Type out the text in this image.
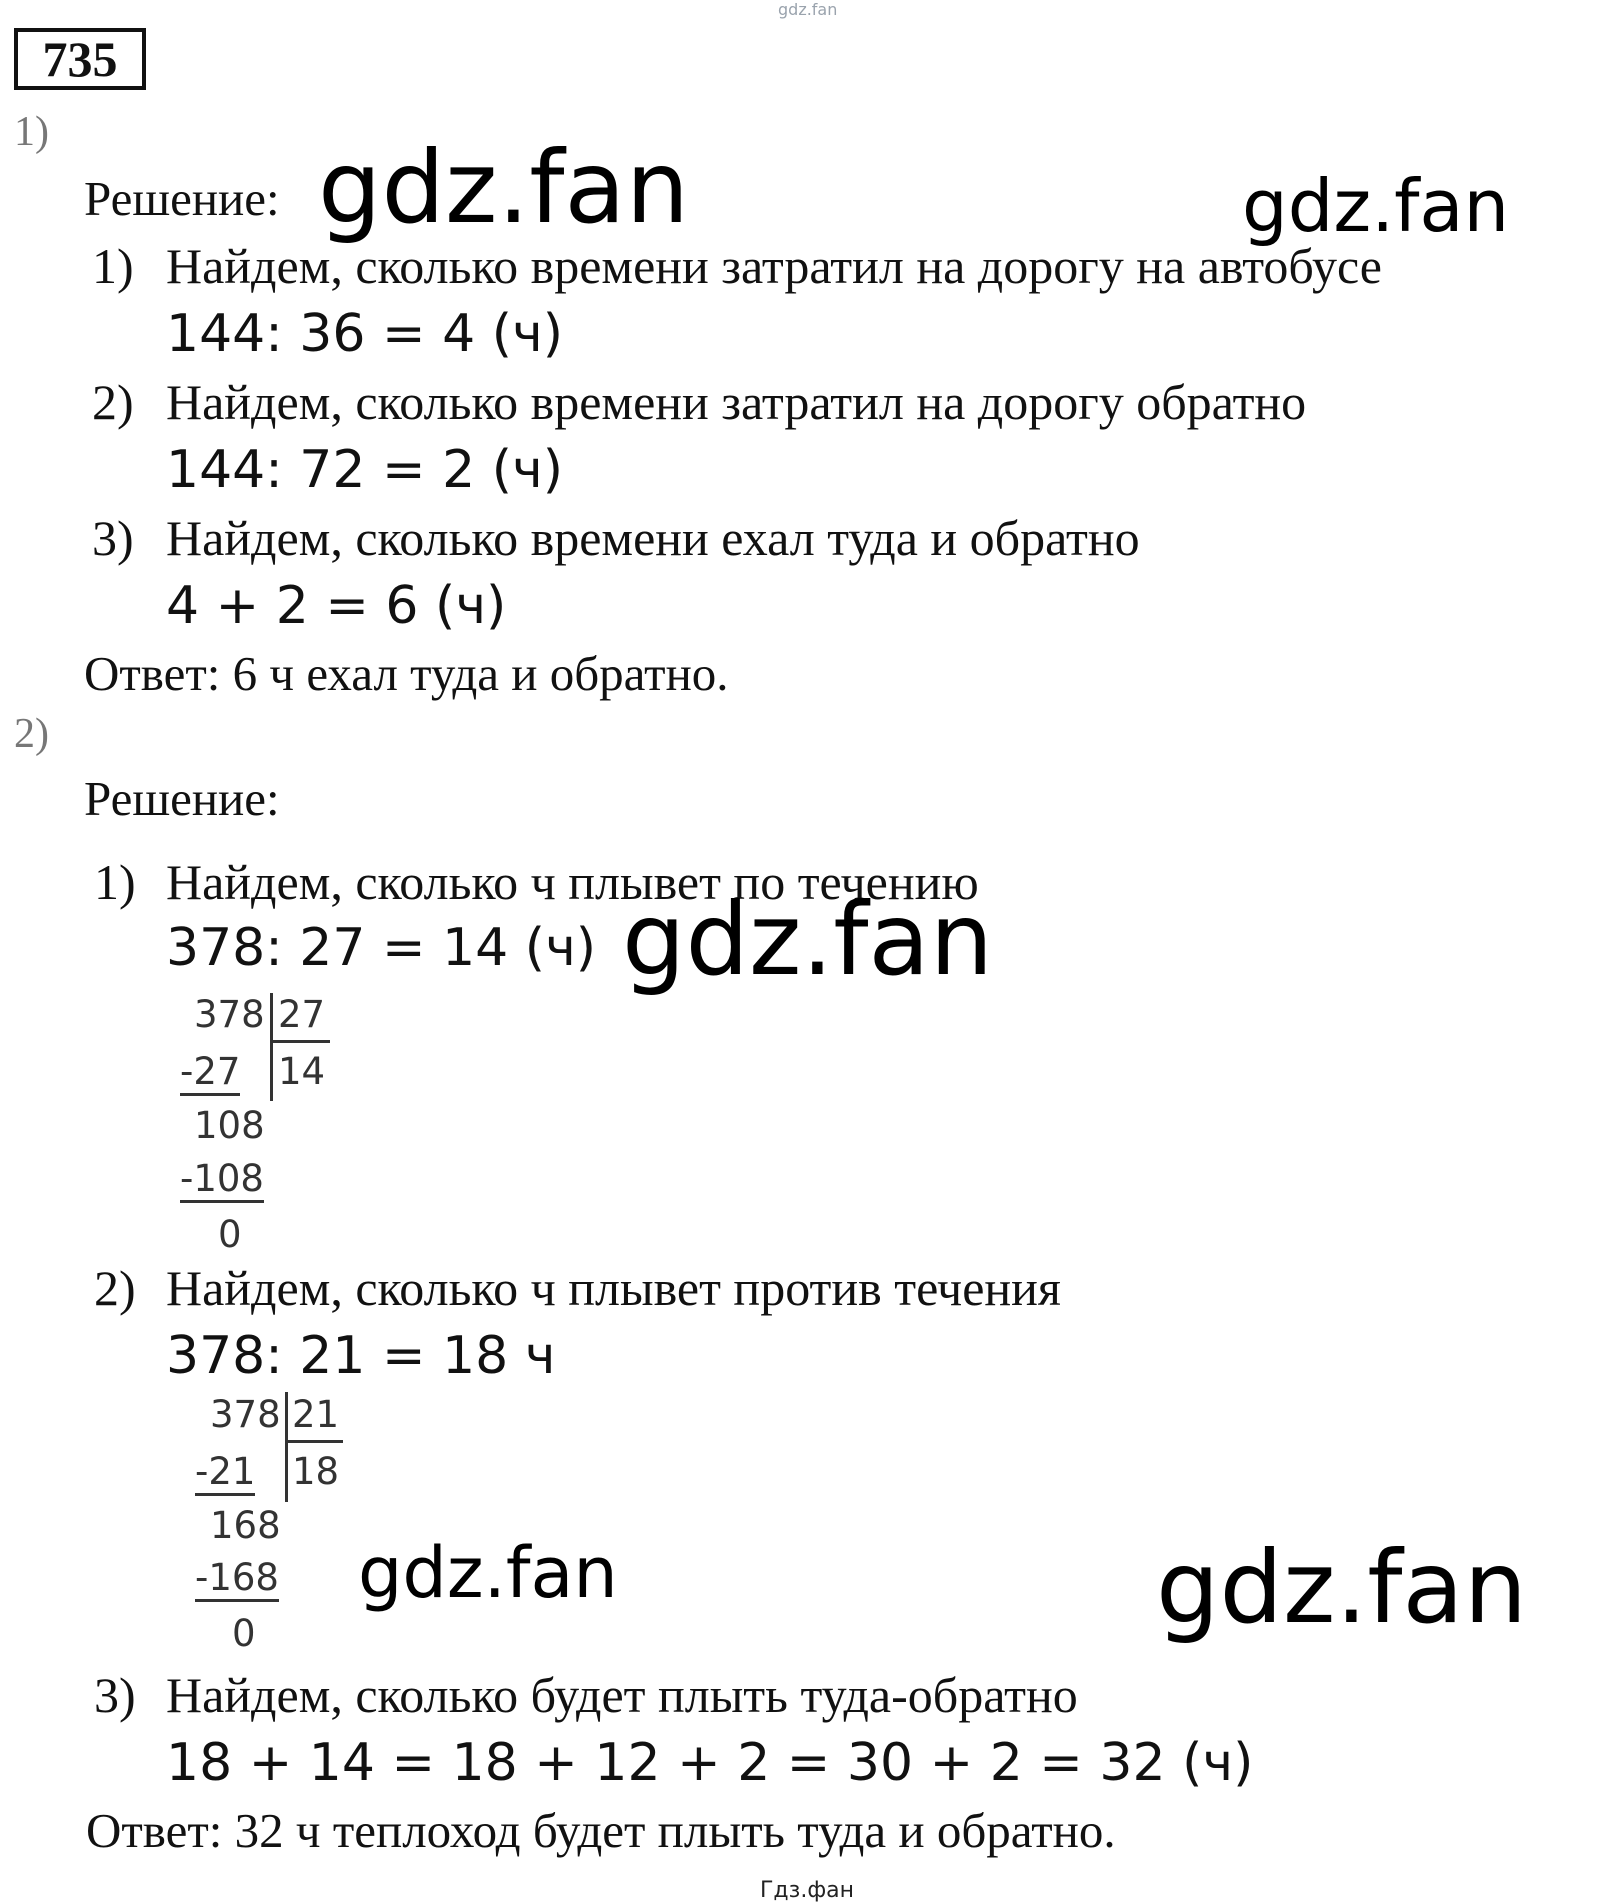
gdz.fan
735
1)
Решение:
1) Найдем, сколько времени затратил на дорогу на автобусе
144: 36 = 4 (ч)
2) Найдем, сколько времени затратил на дорогу обратно
144: 72 = 2 (ч)
3) Найдем, сколько времени ехал туда и обратно
4 + 2 = 6 (ч)
Ответ: 6 ч ехал туда и обратно.
2)
Решение:
1) Найдем, сколько ч плывет по течению
378: 27 = 14 (ч)
378 27
-27 14
108
-108
0
2) Найдем, сколько ч плывет против течения
378: 21 = 18 ч
378 21
-21 18
168
-168
0
3) Найдем, сколько будет плыть туда-обратно
18 + 14 = 18 + 12 + 2 = 30 + 2 = 32 (ч)
Ответ: 32 ч теплоход будет плыть туда и обратно.
gdz.fan	gdz.fan
gdz.fan
gdz.fan	gdz.fan
Гдз.фан
